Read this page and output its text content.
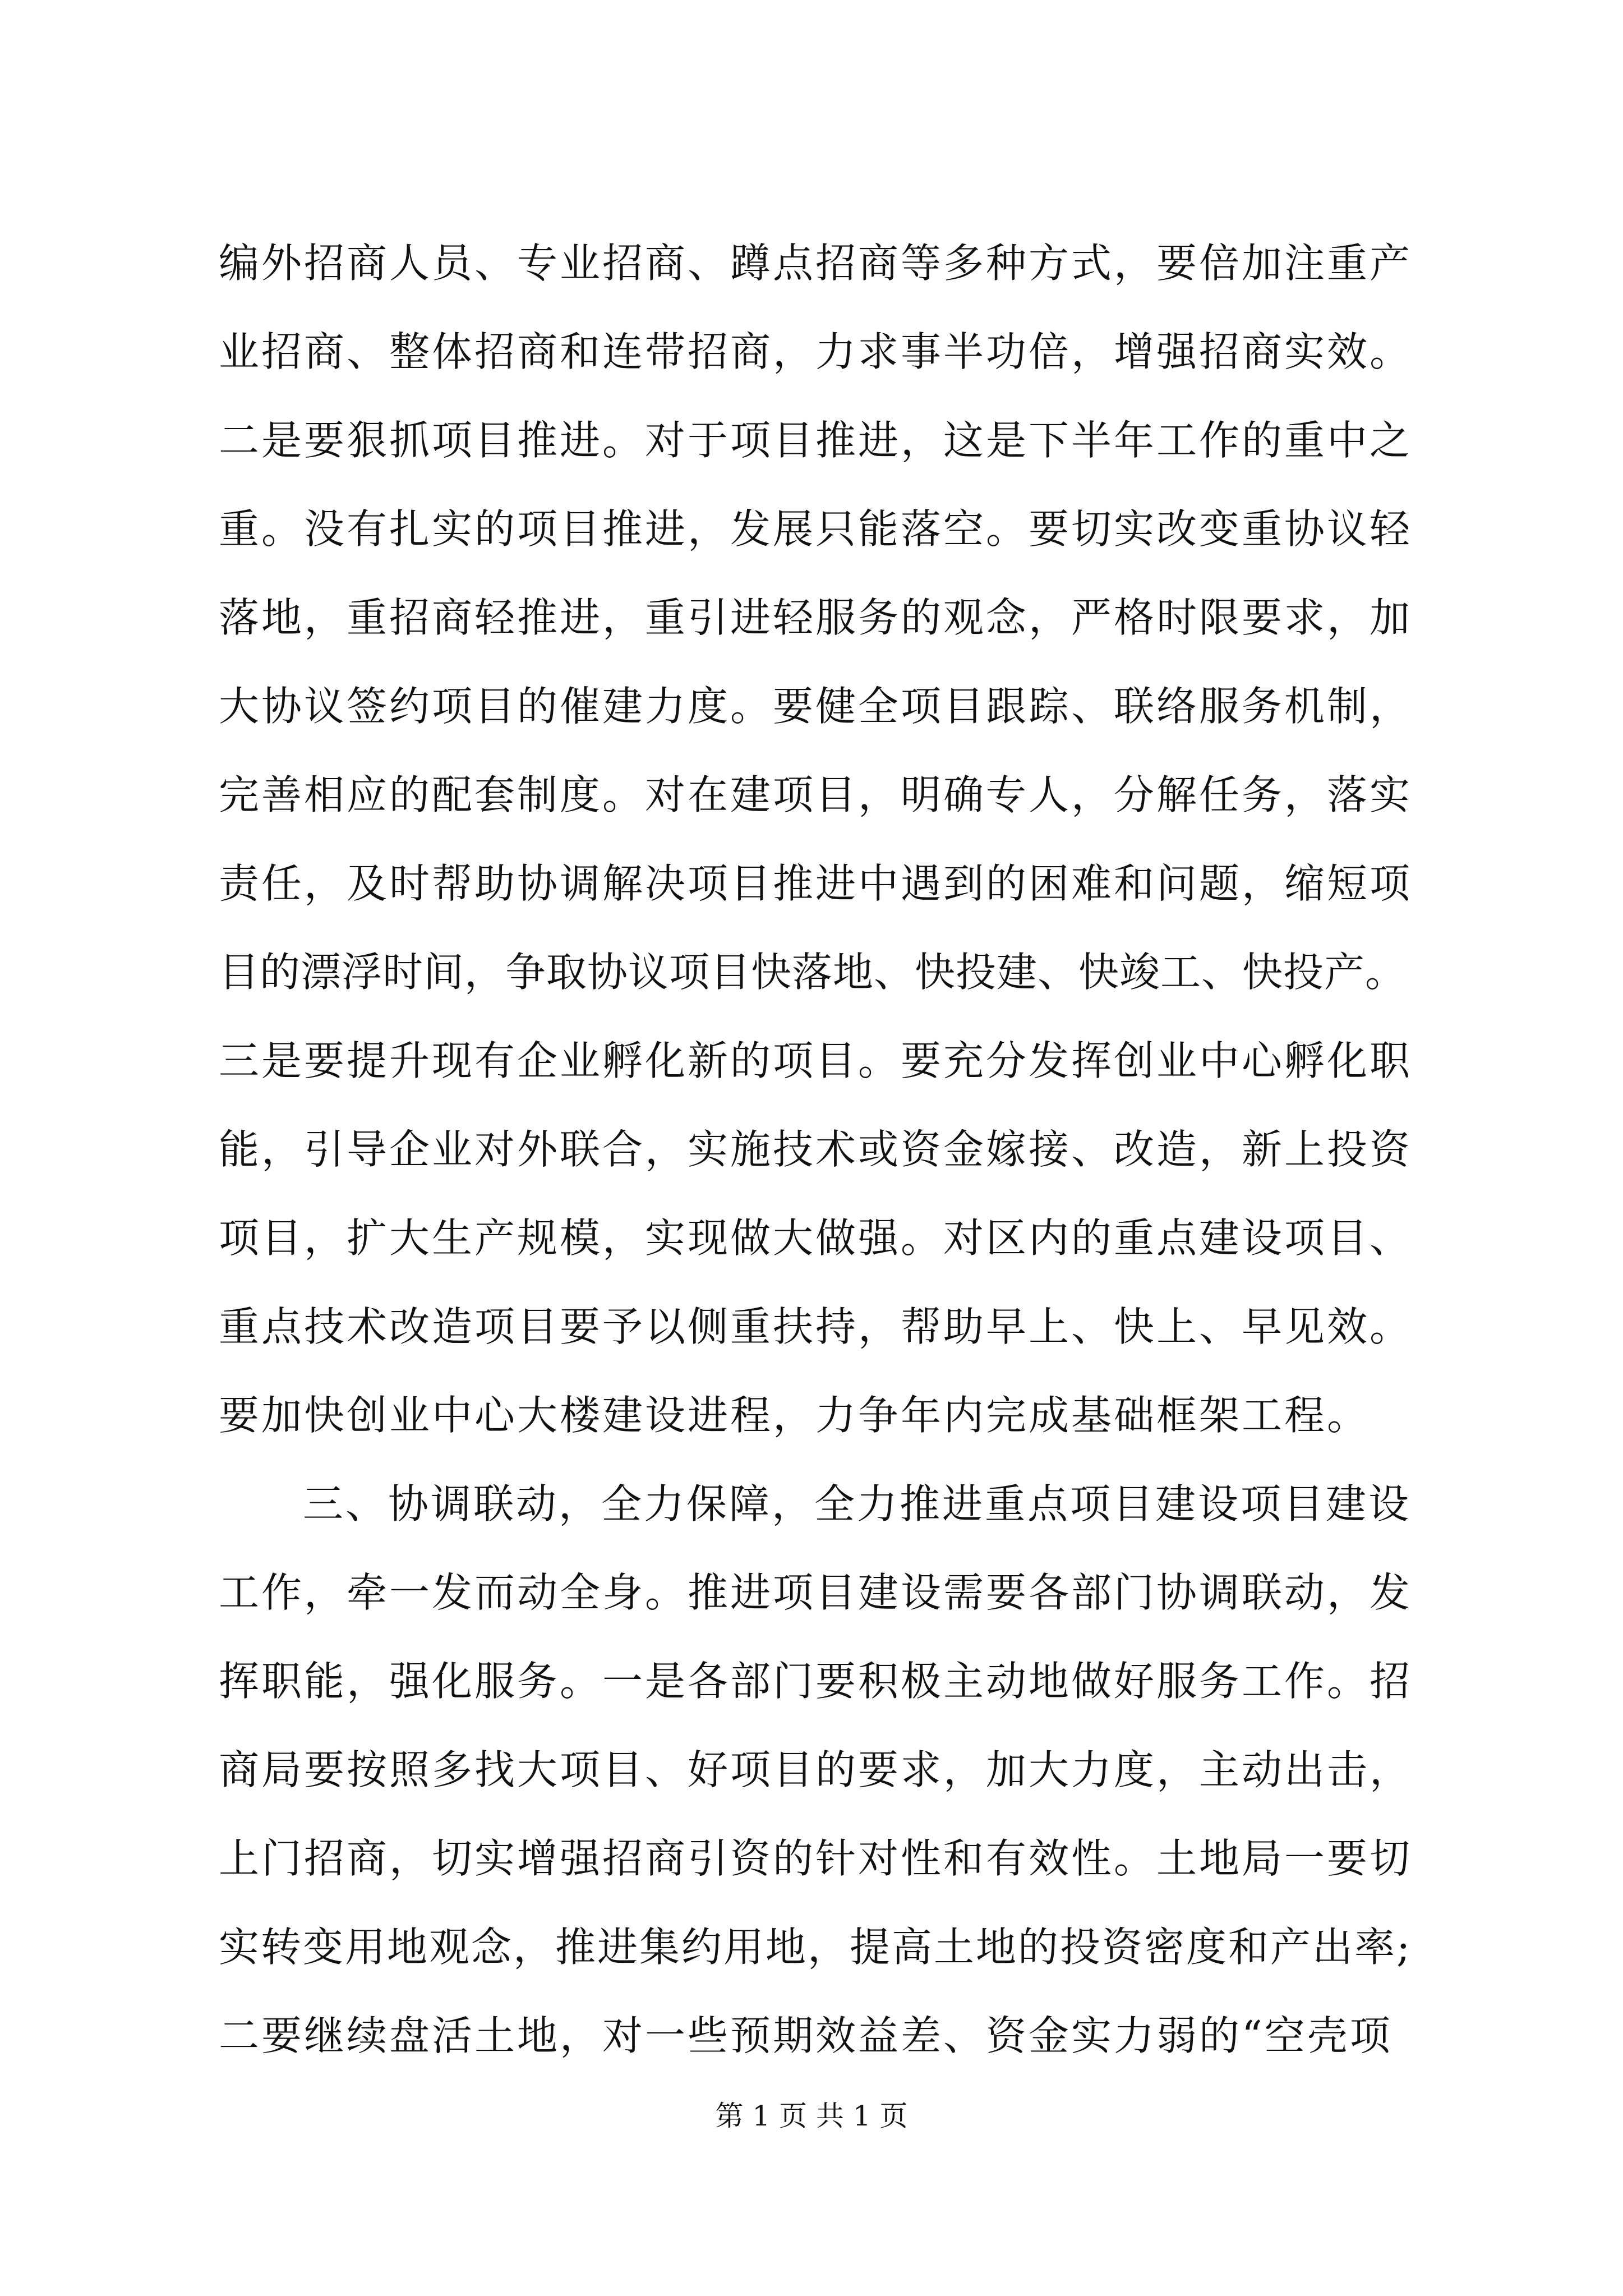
编外招商人员、专业招商、蹲点招商等多种方式，要倍加注重产
业招商、整体招商和连带招商，力求事半功倍，增强招商实效。
二是要狠抓项目推进。对于项目推进，这是下半年工作的重中之
重。没有扎实的项目推进，发展只能落空。要切实改变重协议轻
落地，重招商轻推进，重引进轻服务的观念，严格时限要求，加
大协议签约项目的催建力度。要健全项目跟踪、联络服务机制，
完善相应的配套制度。对在建项目，明确专人，分解任务，落实
责任，及时帮助协调解决项目推进中遇到的困难和问题，缩短项
目的漂浮时间，争取协议项目快落地、快投建、快竣工、快投产。
三是要提升现有企业孵化新的项目。要充分发挥创业中心孵化职
能，引导企业对外联合，实施技术或资金嫁接、改造，新上投资
项目，扩大生产规模，实现做大做强。对区内的重点建设项目、
重点技术改造项目要予以侧重扶持，帮助早上、快上、早见效。
要加快创业中心大楼建设进程，力争年内完成基础框架工程。
三、协调联动，全力保障，全力推进重点项目建设项目建设
工作，牵一发而动全身。推进项目建设需要各部门协调联动，发
挥职能，强化服务。一是各部门要积极主动地做好服务工作。招
商局要按照多找大项目、好项目的要求，加大力度，主动出击，
上门招商，切实增强招商引资的针对性和有效性。土地局一要切
实转变用地观念，推进集约用地，提高土地的投资密度和产出率;
二要继续盘活土地，对一些预期效益差、资金实力弱的“空壳项
第 1 页 共 1 页
